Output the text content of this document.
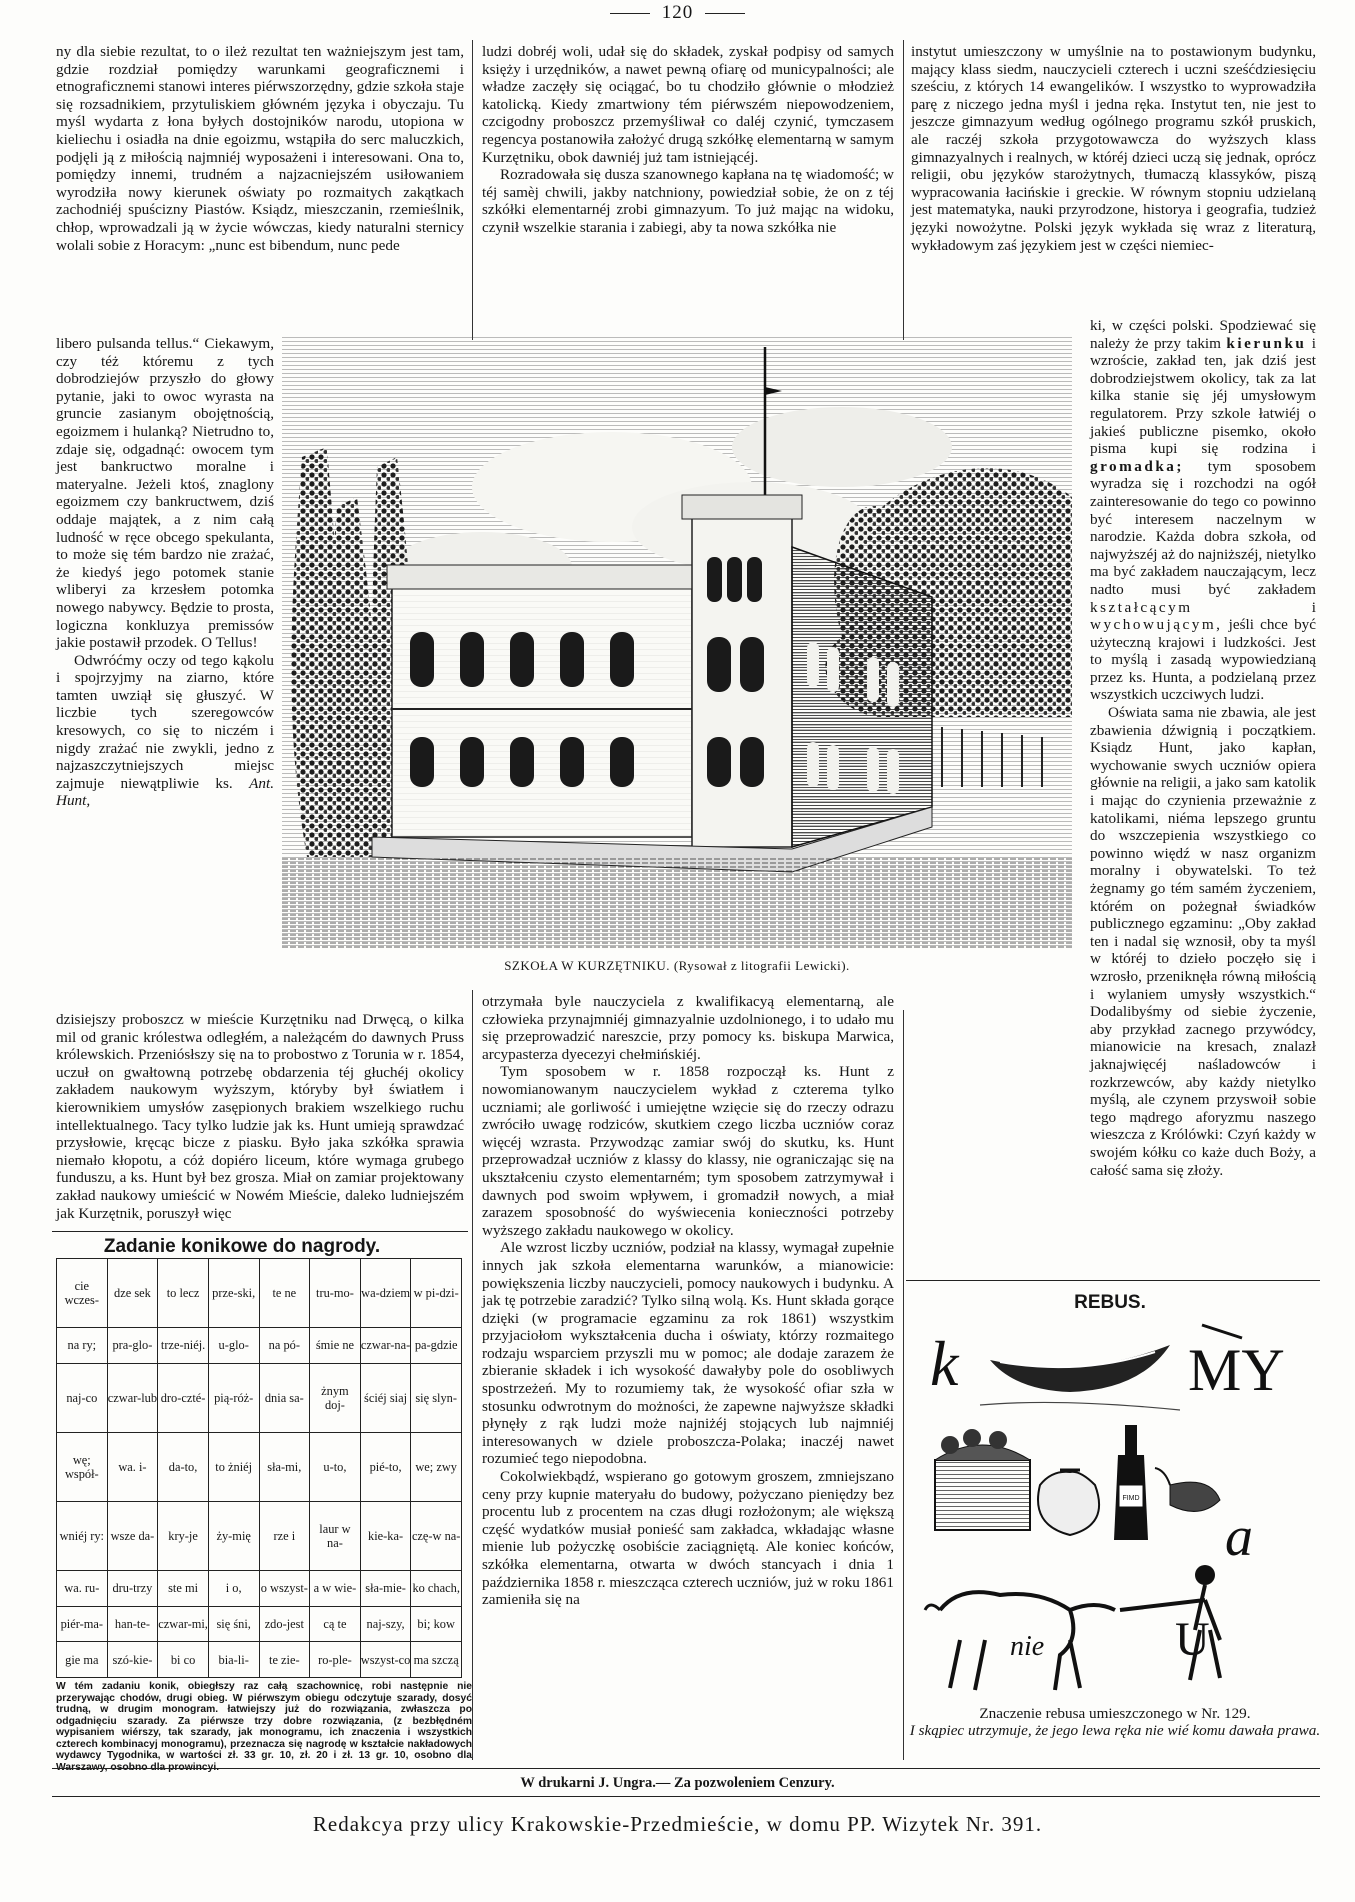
120

ny dla siebie rezultat, to o ileż rezultat ten ważniejszym jest tam, gdzie rozdział pomiędzy warunkami geograficznemi i etnograficznemi stanowi interes piérwszorzędny, gdzie szkoła staje się rozsadnikiem, przytuliskiem główném języka i obyczaju. Tu myśl wydarta z łona byłych dostojników narodu, utopiona w kieliechu i osiadła na dnie egoizmu, wstąpiła do serc maluczkich, podjęli ją z miłością najmniéj wyposażeni i interesowani. Ona to, pomiędzy innemi, trudném a najzacniejszém usiłowaniem wyrodziła nowy kierunek oświaty po rozmaitych zakątkach zachodniéj spuścizny Piastów. Ksiądz, mieszczanin, rzemieślnik, chłop, wprowadzali ją w życie wówczas, kiedy naturalni sternicy wolali sobie z Horacym: „nunc est bibendum, nunc pede

libero pulsanda tellus.“ Ciekawym, czy téż któremu z tych dobrodziejów przyszło do głowy pytanie, jaki to owoc wyrasta na gruncie zasianym obojętnością, egoizmem i hulanką? Nietrudno to, zdaje się, odgadnąć: owocem tym jest bankructwo moralne i materyalne. Jeżeli ktoś, znaglony egoizmem czy bankructwem, dziś oddaje majątek, a z nim całą ludność w ręce obcego spekulanta, to może się tém bardzo nie zrażać, że kiedyś jego potomek stanie wliberyi za krzesłem potomka nowego nabywcy. Będzie to prosta, logiczna konkluzya premissów jakie postawił przodek. O Tellus!

Odwróćmy oczy od tego kąkolu i spojrzyjmy na ziarno, które tamten uwziął się głuszyć. W liczbie tych szeregowców kresowych, co się to niczém i nigdy zrażać nie zwykli, jedno z najzaszczytniejszych miejsc zajmuje niewątpliwie ks. Ant. Hunt,

dzisiejszy proboszcz w mieście Kurzętniku nad Drwęcą, o kilka mil od granic królestwa odległém, a należącém do dawnych Pruss królewskich. Przeniósłszy się na to probostwo z Torunia w r. 1854, uczuł on gwałtowną potrzebę obdarzenia téj głuchéj okolicy zakładem naukowym wyższym, któryby był światłem i kierownikiem umysłów zasępionych brakiem wszelkiego ruchu intellektualnego. Tacy tylko ludzie jak ks. Hunt umieją sprawdzać przysłowie, kręcąc bicze z piasku. Było jaka szkółka sprawia niemało kłopotu, a cóż dopiéro liceum, które wymaga grubego funduszu, a ks. Hunt był bez grosza. Miał on zamiar projektowany zakład naukowy umieścić w Nowém Mieście, daleko ludniejszém jak Kurzętnik, poruszył więc

ludzi dobréj woli, udał się do składek, zyskał podpisy od samych księży i urzędników, a nawet pewną ofiarę od municypalności; ale władze zaczęły się ociągać, bo tu chodziło głównie o młodzież katolicką. Kiedy zmartwiony tém piérwszém niepowodzeniem, czcigodny proboszcz przemyśliwał co daléj czynić, tymczasem regencya postanowiła założyć drugą szkółkę elementarną w samym Kurzętniku, obok dawniéj już tam istniejącéj.

Rozradowała się dusza szanownego kapłana na tę wiadomość; w téj samèj chwili, jakby natchniony, powiedział sobie, że on z téj szkółki elementarnéj zrobi gimnazyum. To już mając na widoku, czynił wszelkie starania i zabiegi, aby ta nowa szkółka nie

otrzymała byle nauczyciela z kwalifikacyą elementarną, ale człowieka przynajmniéj gimnazyalnie uzdolnionego, i to udało mu się przeprowadzić nareszcie, przy pomocy ks. biskupa Marwica, arcypasterza dyecezyi chełmińskiéj.

Tym sposobem w r. 1858 rozpoczął ks. Hunt z nowomianowanym nauczycielem wykład z czterema tylko uczniami; ale gorliwość i umiejętne wzięcie się do rzeczy odrazu zwróciło uwagę rodziców, skutkiem czego liczba uczniów coraz więcéj wzrasta. Przywodząc zamiar swój do skutku, ks. Hunt przeprowadzał uczniów z klassy do klassy, nie ograniczając się na ukształceniu czysto elementarném; tym sposobem zatrzymywał i dawnych pod swoim wpływem, i gromadził nowych, a miał zarazem sposobność do wyświecenia konieczności potrzeby wyższego zakładu naukowego w okolicy.

Ale wzrost liczby uczniów, podział na klassy, wymagał zupełnie innych jak szkoła elementarna warunków, a mianowicie: powiększenia liczby nauczycieli, pomocy naukowych i budynku. A jak tę potrzebie zaradzić? Tylko silną wolą. Ks. Hunt składa gorące dzięki (w programacie egzaminu za rok 1861) wszystkim przyjaciołom wykształcenia ducha i oświaty, którzy rozmaitego rodzaju wsparciem przyszli mu w pomoc; ale dodaje zarazem że zbieranie składek i ich wysokość dawałyby pole do osobliwych spostrzeżeń. My to rozumiemy tak, że wysokość ofiar szła w stosunku odwrotnym do możności, że zapewne najwyższe składki płynęły z rąk ludzi może najniżéj stojących lub najmniéj interesowanych w dziele proboszcza-Polaka; inaczéj nawet rozumieć tego niepodobna.

Cokolwiekbądź, wspierano go gotowym groszem, zmniejszano ceny przy kupnie materyału do budowy, pożyczano pieniędzy bez procentu lub z procentem na czas długi rozłożonym; ale większą część wydatków musiał ponieść sam zakładca, wkładając własne mienie lub pożyczkę osobiście zaciągniętą. Ale koniec końców, szkółka elementarna, otwarta w dwóch stancyach i dnia 1 października 1858 r. mieszcząca czterech uczniów, już w roku 1861 zamieniła się na

instytut umieszczony w umyślnie na to postawionym budynku, mający klass siedm, nauczycieli czterech i uczni sześćdziesięciu sześciu, z których 14 ewangelików. I wszystko to wyprowadziła parę z niczego jedna myśl i jedna ręka. Instytut ten, nie jest to jeszcze gimnazyum według ogólnego programu szkół pruskich, ale raczéj szkoła przygotowawcza do wyższych klass gimnazyalnych i realnych, w któréj dzieci uczą się jednak, oprócz religii, obu języków starożytnych, tłumaczą klassyków, piszą wypracowania łacińskie i greckie. W równym stopniu udzielaną jest matematyka, nauki przyrodzone, historya i geografia, tudzież języki nowożytne. Polski język wykłada się wraz z literaturą, wykładowym zaś językiem jest w części niemiec-

ki, w części polski. Spodziewać się należy że przy takim kierunku i wzroście, zakład ten, jak dziś jest dobrodziejstwem okolicy, tak za lat kilka stanie się jéj umysłowym regulatorem. Przy szkole łatwiéj o jakieś publiczne pisemko, około pisma kupi się rodzina i gromadka; tym sposobem wyradza się i rozchodzi na ogół zainteresowanie do tego co powinno być interesem naczelnym w narodzie. Każda dobra szkoła, od najwyższéj aż do najniższéj, nietylko ma być zakładem nauczającym, lecz nadto musi być zakładem kształcącym	i wychowującym, jeśli chce być użyteczną krajowi i ludzkości. Jest to myślą i zasadą wypowiedzianą przez ks. Hunta, a podzielaną przez wszystkich uczciwych ludzi.

Oświata sama nie zbawia, ale jest zbawienia dźwignią i początkiem. Ksiądz Hunt, jako kapłan, wychowanie swych uczniów opiera głównie na religii, a jako sam katolik i mając do czynienia przeważnie z katolikami, niéma lepszego gruntu do wszczepienia wszystkiego co powinno więdź w nasz organizm moralny i obywatelski. To też żegnamy go tém samém życzeniem, którém on pożegnał świadków publicznego egzaminu: „Oby zakład ten i nadal się wznosił, oby ta myśl w któréj to dzieło poczęło się i wzrosło, przeniknęła równą miłością i wylaniem umysły wszystkich.“ Dodalibyśmy od siebie życzenie, aby przykład zacnego przywódcy, mianowicie na kresach, znalazł jaknajwięcéj naśladowców i rozkrzewców, aby każdy nietylko myślą, ale czynem przyswoił sobie tego mądrego aforyzmu naszego wieszcza z Królówki: Czyń każdy w swojém kółku co każe duch Boży, a całość sama się złoży.

SZKOŁA W KURZĘTNIKU. (Rysował z litografii Lewicki).
Zadanie konikowe do nagrody.
cie wczes-	dze sek	to lecz	prze-ski,	te ne	tru-mo-	wa-dziem	w pi-dzi-
na ry;	pra-glo-	trze-niéj.	u-glo-	na pó-	śmie ne	czwar-na-	pa-gdzie
naj-co	czwar-lub	dro-czté-	pią-róż-	dnia sa-	żnym doj-	ściéj siaj	się slyn-
wę; współ-	wa. i-	da-to,	to żniéj	sła-mi,	u-to,	pié-to,	we; zwy
wniéj ry:	wsze da-	kry-je	ży-mię	rze i	laur w na-	kie-ka-	czę-w na-
wa. ru-	dru-trzy	ste mi	i o,	o wszyst-	a w wie-	sła-mie-	ko chach,
piér-ma-	han-te-	czwar-mi,	się śni,	zdo-jest	cą te	naj-szy,	bi; kow
gie ma	szó-kie-	bi co	bia-li-	te zie-	ro-ple-	wszyst-co	ma szczą
W tém zadaniu konik, obiegłszy raz całą szachownicę, robi następnie nie przerywając chodów, drugi obieg. W piérwszym obiegu odczytuje szarady, dosyć trudną, w drugim monogram. łatwiejszy już do rozwiązania, zwłaszcza po odgadnięciu szarady. Za piérwsze trzy dobre rozwiązania, (z bezbłędném wypisaniem wiérszy, tak szarady, jak monogramu, ich znaczenia i wszystkich czterech kombinacyj monogramu), przeznacza się nagrodę w kształcie nakładowych wydawcy Tygodnika, w wartości zł. 33 gr. 10, zł. 20 i zł. 13 gr. 10, osobno dla Warszawy, osobno dla prowincyi.
REBUS.
k	MY
FIMD
a
nie	U
Znaczenie rebusa umieszczonego w Nr. 129.
I skąpiec utrzymuje, że jego lewa ręka nie wié komu dawała prawa.
W drukarni J. Ungra.— Za pozwoleniem Cenzury.
Redakcya przy ulicy Krakowskie-Przedmieście, w domu PP. Wizytek Nr. 391.
